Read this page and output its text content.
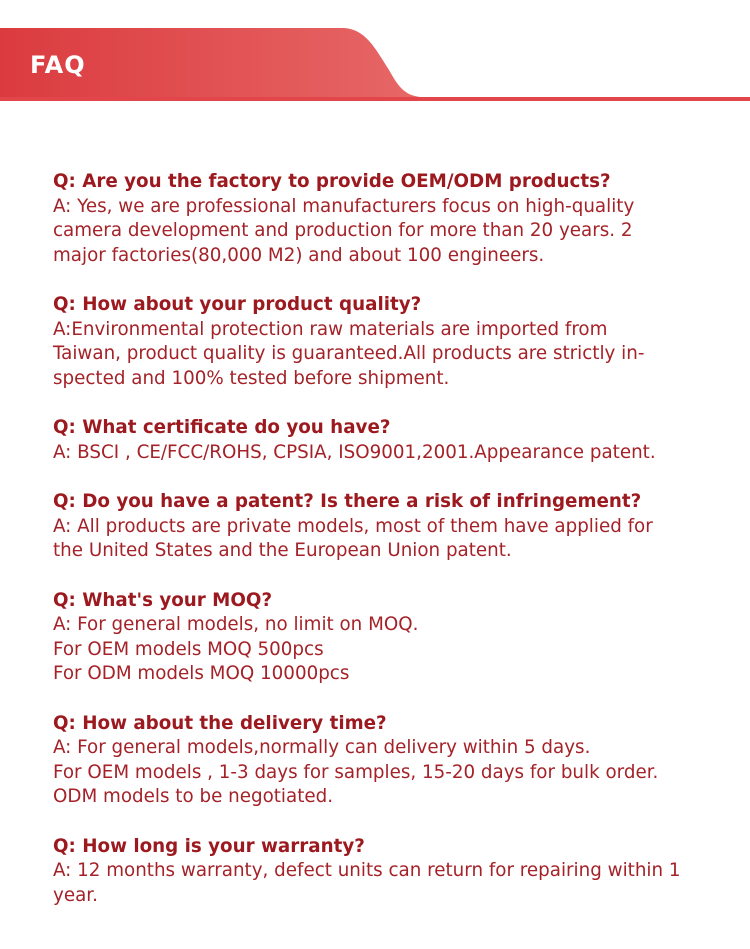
FAQ
Q: Are you the factory to provide OEM/ODM products?
A: Yes, we are professional manufacturers focus on high-quality
camera development and production for more than 20 years. 2
major factories(80,000 M2) and about 100 engineers.
Q: How about your product quality?
A:Environmental protection raw materials are imported from
Taiwan, product quality is guaranteed.All products are strictly in-
spected and 100% tested before shipment.
Q: What certificate do you have?
A: BSCI , CE/FCC/ROHS, CPSIA, ISO9001,2001.Appearance patent.
Q: Do you have a patent? Is there a risk of infringement?
A: All products are private models, most of them have applied for
the United States and the European Union patent.
Q: What's your MOQ?
A: For general models, no limit on MOQ.
For OEM models MOQ 500pcs
For ODM models MOQ 10000pcs
Q: How about the delivery time?
A: For general models,normally can delivery within 5 days.
For OEM models , 1-3 days for samples, 15-20 days for bulk order.
ODM models to be negotiated.
Q: How long is your warranty?
A: 12 months warranty, defect units can return for repairing within 1
year.
